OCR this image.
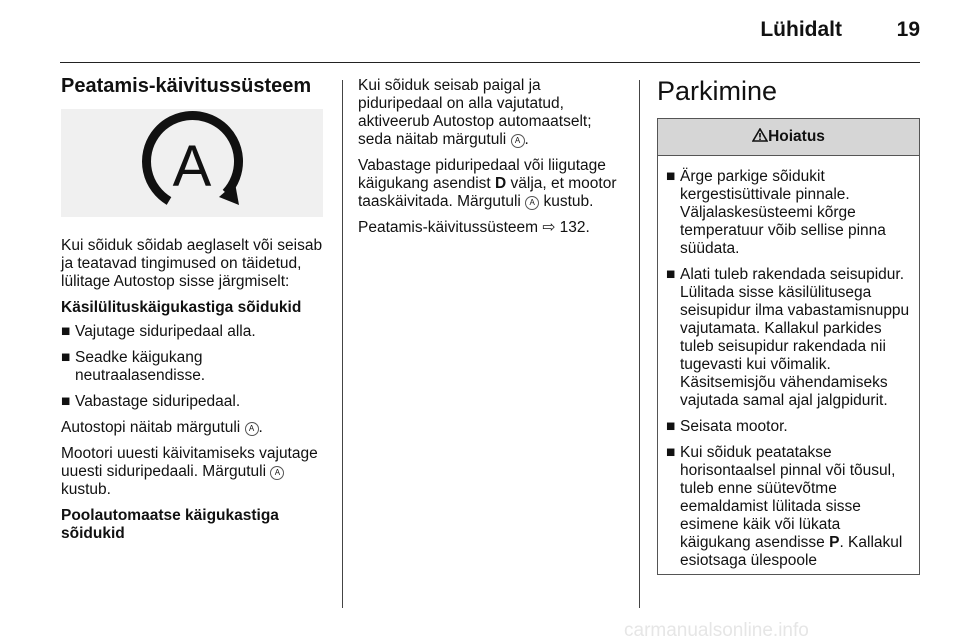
Lühidalt	19
Peatamis-käivitussüsteem
A

Kui sõiduk sõidab aeglaselt või seisab ja teatavad tingimused on täidetud, lülitage Autostop sisse järgmiselt:

Käsilülituskäigukastiga sõidukid
■ Vajutage siduripedaal alla.
■ Seadke käigukang neutraalasendisse.
■ Vabastage siduripedaal.

Autostopi näitab märgutuli A .

Mootori uuesti käivitamiseks vajutage uuesti siduripedaali. Märgutuli A kustub.

Poolautomaatse käigukastiga sõidukid

Kui sõiduk seisab paigal ja piduripedaal on alla vajutatud, aktiveerub Autostop automaatselt; seda näitab märgutuli A .

Vabastage piduripedaal või liigutage käigukang asendist D välja, et mootor taaskäivitada. Märgutuli A kustub.

Peatamis-käivitussüsteem ⇨ 132.

Parkimine
Hoiatus
■ Ärge parkige sõidukit kergestisüttivale pinnale. Väljalaskesüsteemi kõrge temperatuur võib sellise pinna süüdata.
■ Alati tuleb rakendada seisupidur. Lülitada sisse käsilülitusega seisupidur ilma vabastamisnuppu vajutamata. Kallakul parkides tuleb seisupidur rakendada nii tugevasti kui võimalik. Käsitsemisjõu vähendamiseks vajutada samal ajal jalgpidurit.
■ Seisata mootor.
■ Kui sõiduk peatatakse horisontaalsel pinnal või tõusul, tuleb enne süütevõtme eemaldamist lülitada sisse esimene käik või lükata käigukang asendisse P. Kallakul esiotsaga ülespoole
carmanualsonline.info
